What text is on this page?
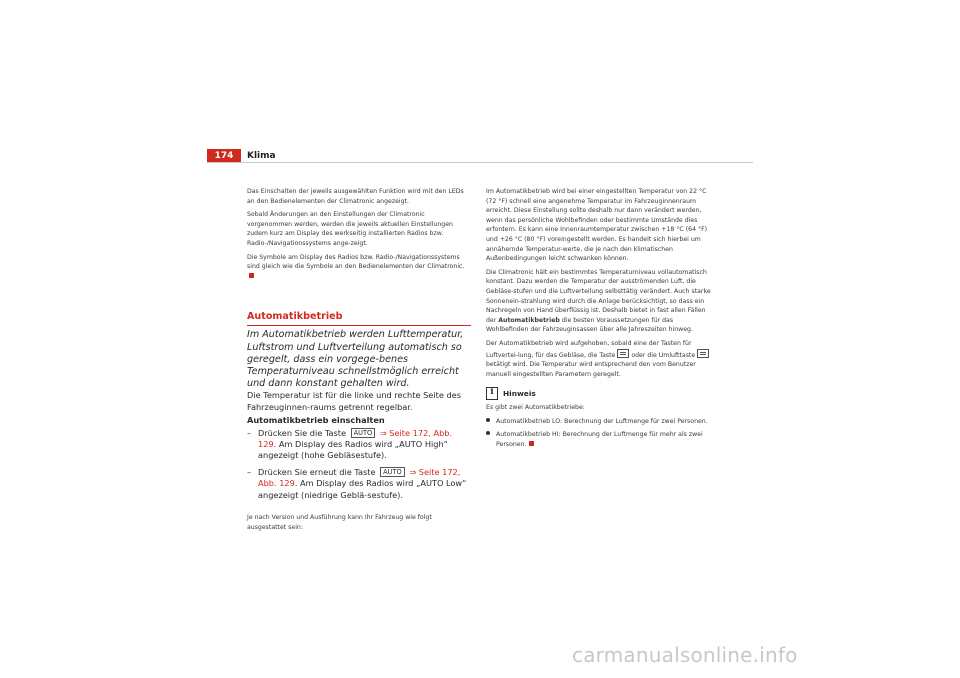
174	Klima

Das Einschalten der jeweils ausgewählten Funktion wird mit den LEDs an den Bedienelementen der Climatronic angezeigt.

Sobald Änderungen an den Einstellungen der Climatronic vorgenommen werden, werden die jeweils aktuellen Einstellungen zudem kurz am Display des werkseitig installierten Radios bzw. Radio-/Navigationssystems ange-zeigt.

Die Symbole am Display des Radios bzw. Radio-/Navigationssystems sind gleich wie die Symbole an den Bedienelementen der Climatronic.

Automatikbetrieb

Im Automatikbetrieb werden Lufttemperatur, Luftstrom und Luftverteilung automatisch so geregelt, dass ein vorgege-benes Temperaturniveau schnellstmöglich erreicht und dann konstant gehalten wird.

Die Temperatur ist für die linke und rechte Seite des Fahrzeuginnen-raums getrennt regelbar.

Automatikbetrieb einschalten

– Drücken Sie die Taste AUTO ⇒ Seite 172, Abb. 129. Am Display des Radios wird „AUTO High“ angezeigt (hohe Gebläsestufe).
– Drücken Sie erneut die Taste AUTO ⇒ Seite 172, Abb. 129. Am Display des Radios wird „AUTO Low“ angezeigt (niedrige Geblä-sestufe).

Je nach Version und Ausführung kann Ihr Fahrzeug wie folgt ausgestattet sein:

Im Automatikbetrieb wird bei einer eingestellten Temperatur von 22 °C (72 °F) schnell eine angenehme Temperatur im Fahrzeuginnenraum erreicht. Diese Einstellung sollte deshalb nur dann verändert werden, wenn das persönliche Wohlbefinden oder bestimmte Umstände dies erfordern. Es kann eine Innenraumtemperatur zwischen +18 °C (64 °F) und +26 °C (80 °F) voreingestellt werden. Es handelt sich hierbei um annähernde Temperatur-werte, die je nach den klimatischen Außenbedingungen leicht schwanken können.

Die Climatronic hält ein bestimmtes Temperaturniveau vollautomatisch konstant. Dazu werden die Temperatur der ausströmenden Luft, die Gebläse-stufen und die Luftverteilung selbsttätig verändert. Auch starke Sonnenein-strahlung wird durch die Anlage berücksichtigt, so dass ein Nachregeln von Hand überflüssig ist. Deshalb bietet in fast allen Fällen der Automatikbetrieb die besten Voraussetzungen für das Wohlbefinden der Fahrzeuginsassen über alle Jahreszeiten hinweg.

Der Automatikbetrieb wird aufgehoben, sobald eine der Tasten für Luftvertei-lung, für das Gebläse, die Taste	oder die Umlufttastebetätigt wird. Die Temperatur wird entsprechend den vom Benutzer manuell eingestellten Parametern geregelt.

i
Hinweis

Es gibt zwei Automatikbetriebe:

Automatikbetrieb LO: Berechnung der Luftmenge für zwei Personen.
Automatikbetrieb HI: Berechnung der Luftmenge für mehr als zwei Personen.
carmanualsonline.info
